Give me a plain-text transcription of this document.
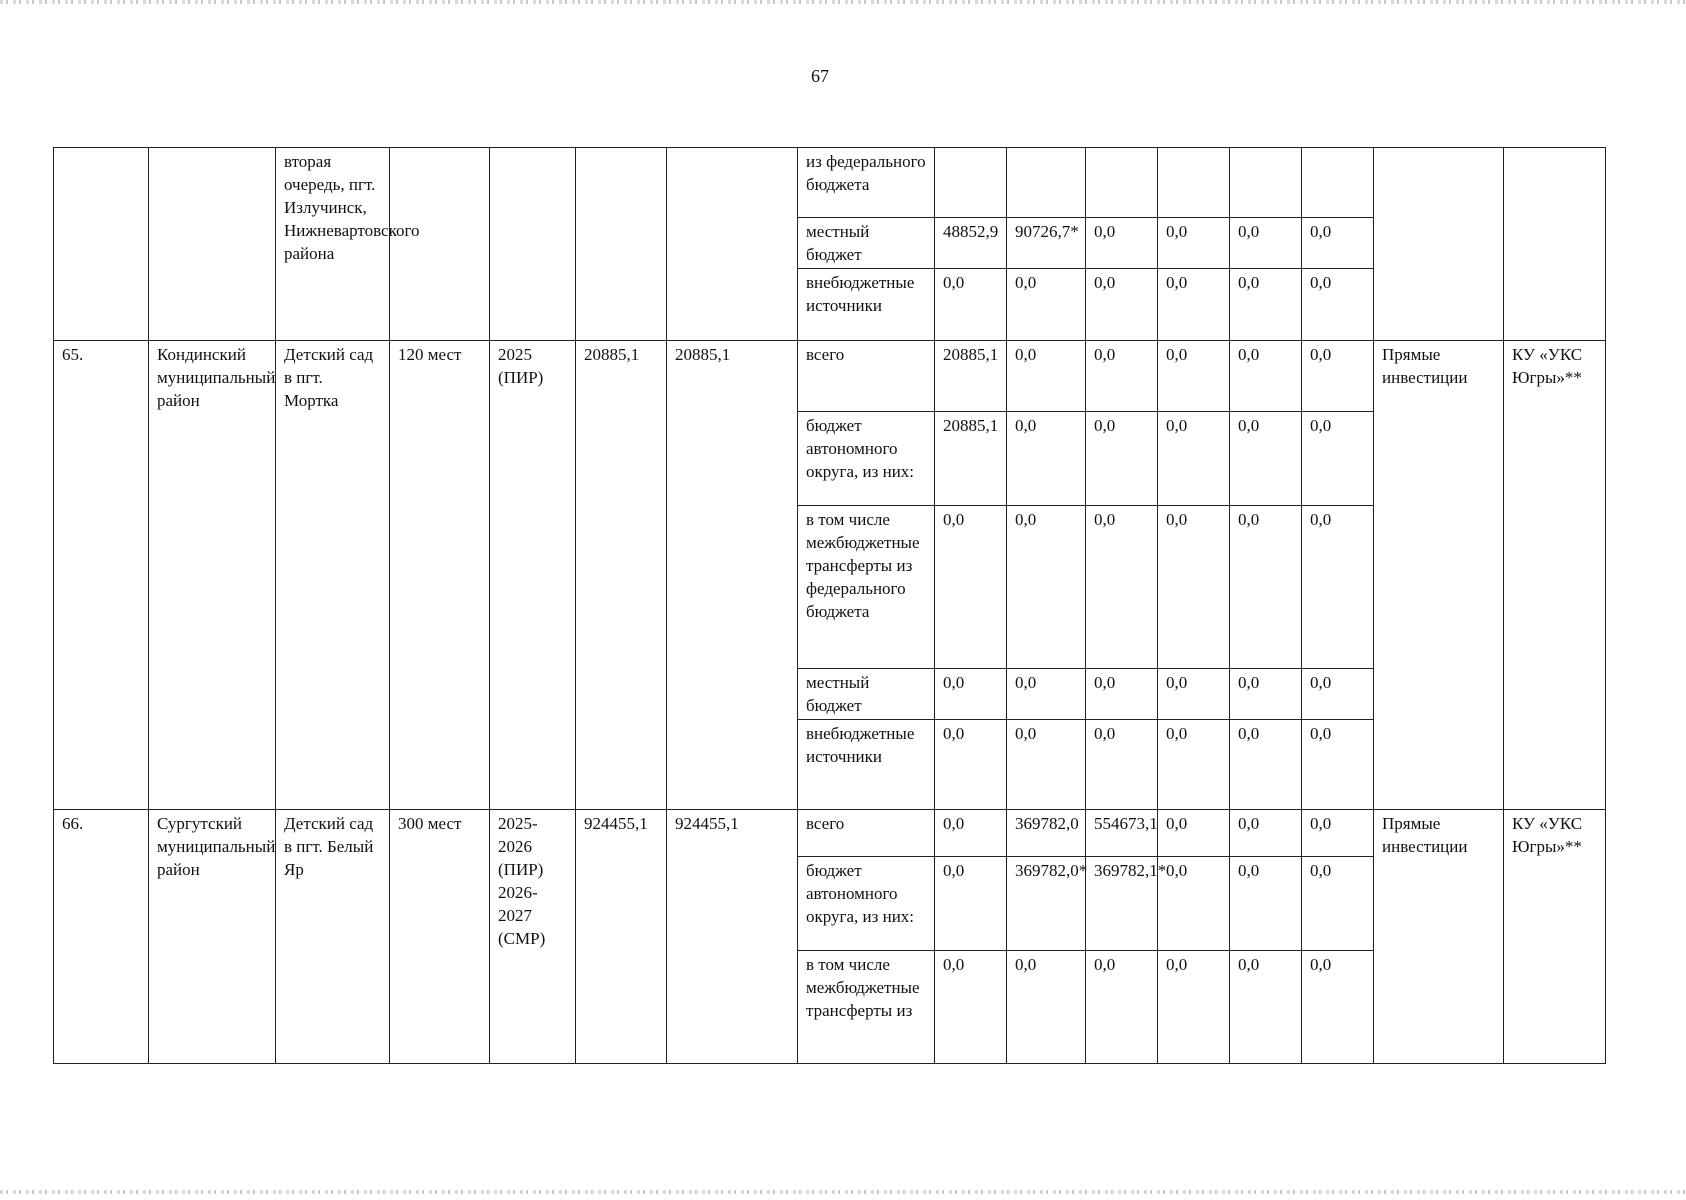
67
		вторая очередь, пгт. Излучинск, Нижневартовского района					из федерального бюджета								
							местный бюджет	48852,9	90726,7*	0,0	0,0	0,0	0,0		
							внебюджетные источники	0,0	0,0	0,0	0,0	0,0	0,0		
65.	Кондинский муниципальный район	Детский сад в пгт. Мортка	120 мест	2025 (ПИР)	20885,1	20885,1	всего	20885,1	0,0	0,0	0,0	0,0	0,0	Прямые инвестиции	КУ «УКС Югры»**
							бюджет автономного округа, из них:	20885,1	0,0	0,0	0,0	0,0	0,0		
							в том числе межбюджетные трансферты из федерального бюджета	0,0	0,0	0,0	0,0	0,0	0,0		
							местный бюджет	0,0	0,0	0,0	0,0	0,0	0,0		
							внебюджетные источники	0,0	0,0	0,0	0,0	0,0	0,0		
66.	Сургутский муниципальный район	Детский сад в пгт. Белый Яр	300 мест	2025-2026 (ПИР) 2026-2027 (СМР)	924455,1	924455,1	всего	0,0	369782,0	554673,1	0,0	0,0	0,0	Прямые инвестиции	КУ «УКС Югры»**
							бюджет автономного округа, из них:	0,0	369782,0*	369782,1*	0,0	0,0	0,0		
							в том числе межбюджетные трансферты из	0,0	0,0	0,0	0,0	0,0	0,0		
